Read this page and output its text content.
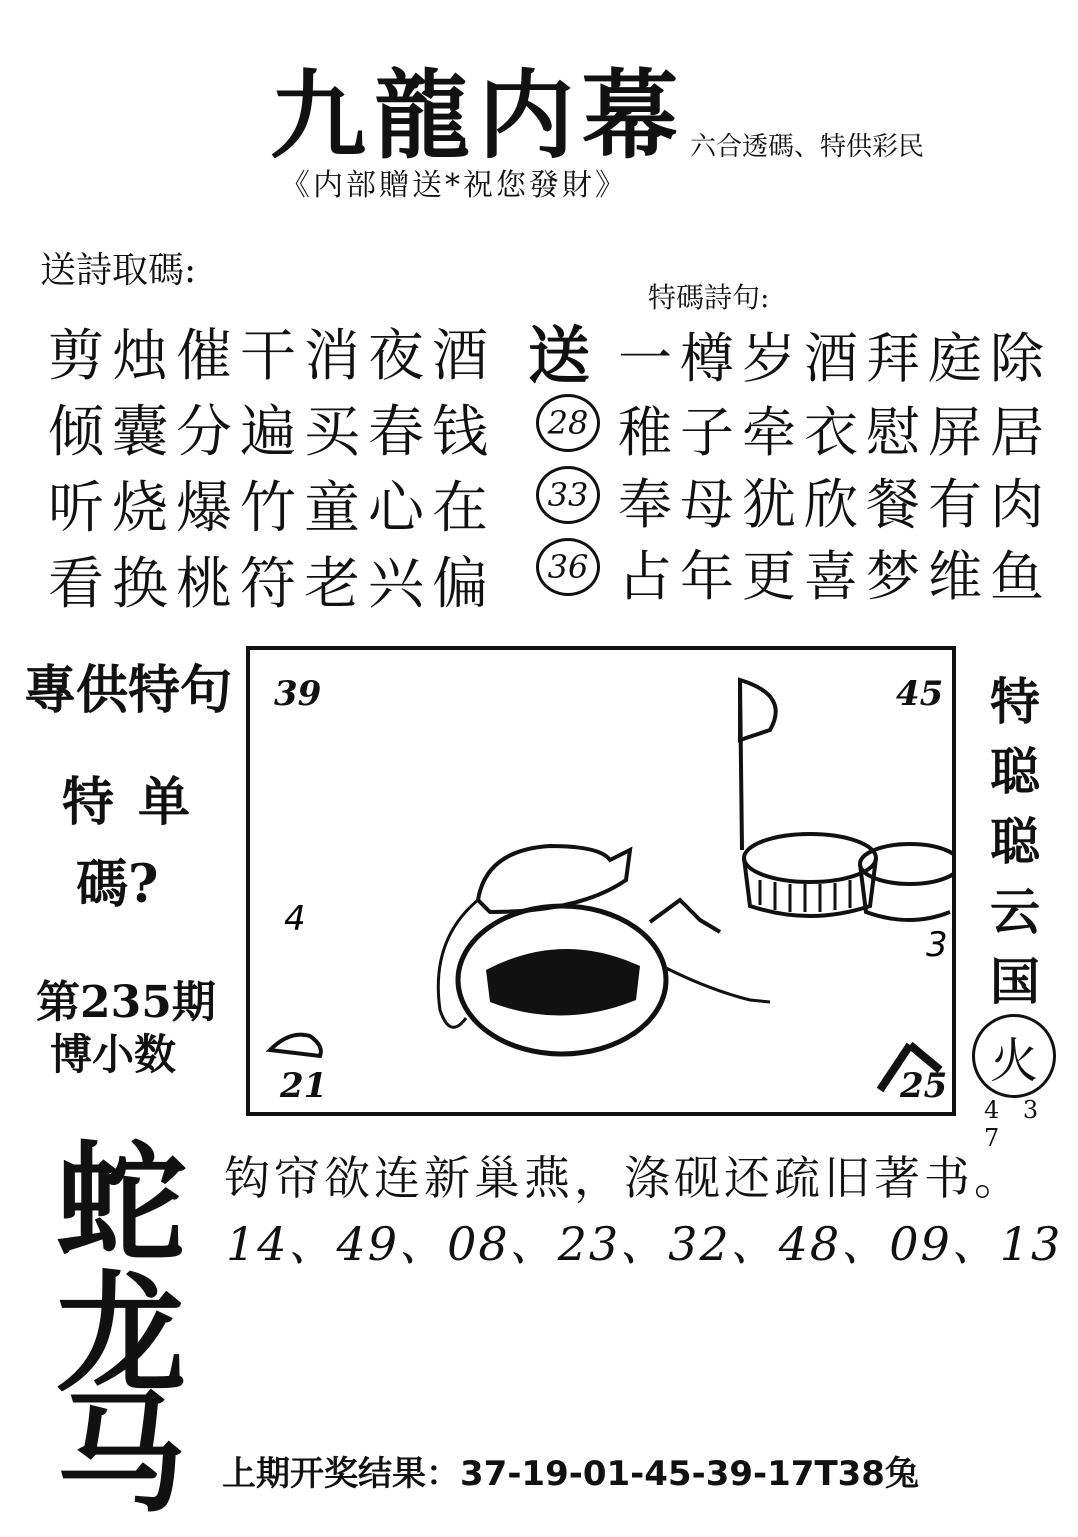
九龍内幕 六合透碼、特供彩民
《内部贈送*祝您發財》
送詩取碼:
剪烛催干消夜酒
倾囊分遍买春钱
听烧爆竹童心在
看换桃符老兴偏
特碼詩句:
送 一樽岁酒拜庭除
28 稚子牵衣慰屏居
33 奉母犹欣餐有肉
36 占年更喜梦维鱼
專供特句
特单
碼?
第235期
博小数
蛇
龙
马
4
3
39	45
21	25
特
聪
聪
云
国
火
4 3 7
钩帘欲连新巢燕，涤砚还疏旧著书。
14、49、08、23、32、48、09、13
上期开奖结果：37-19-01-45-39-17T38兔
